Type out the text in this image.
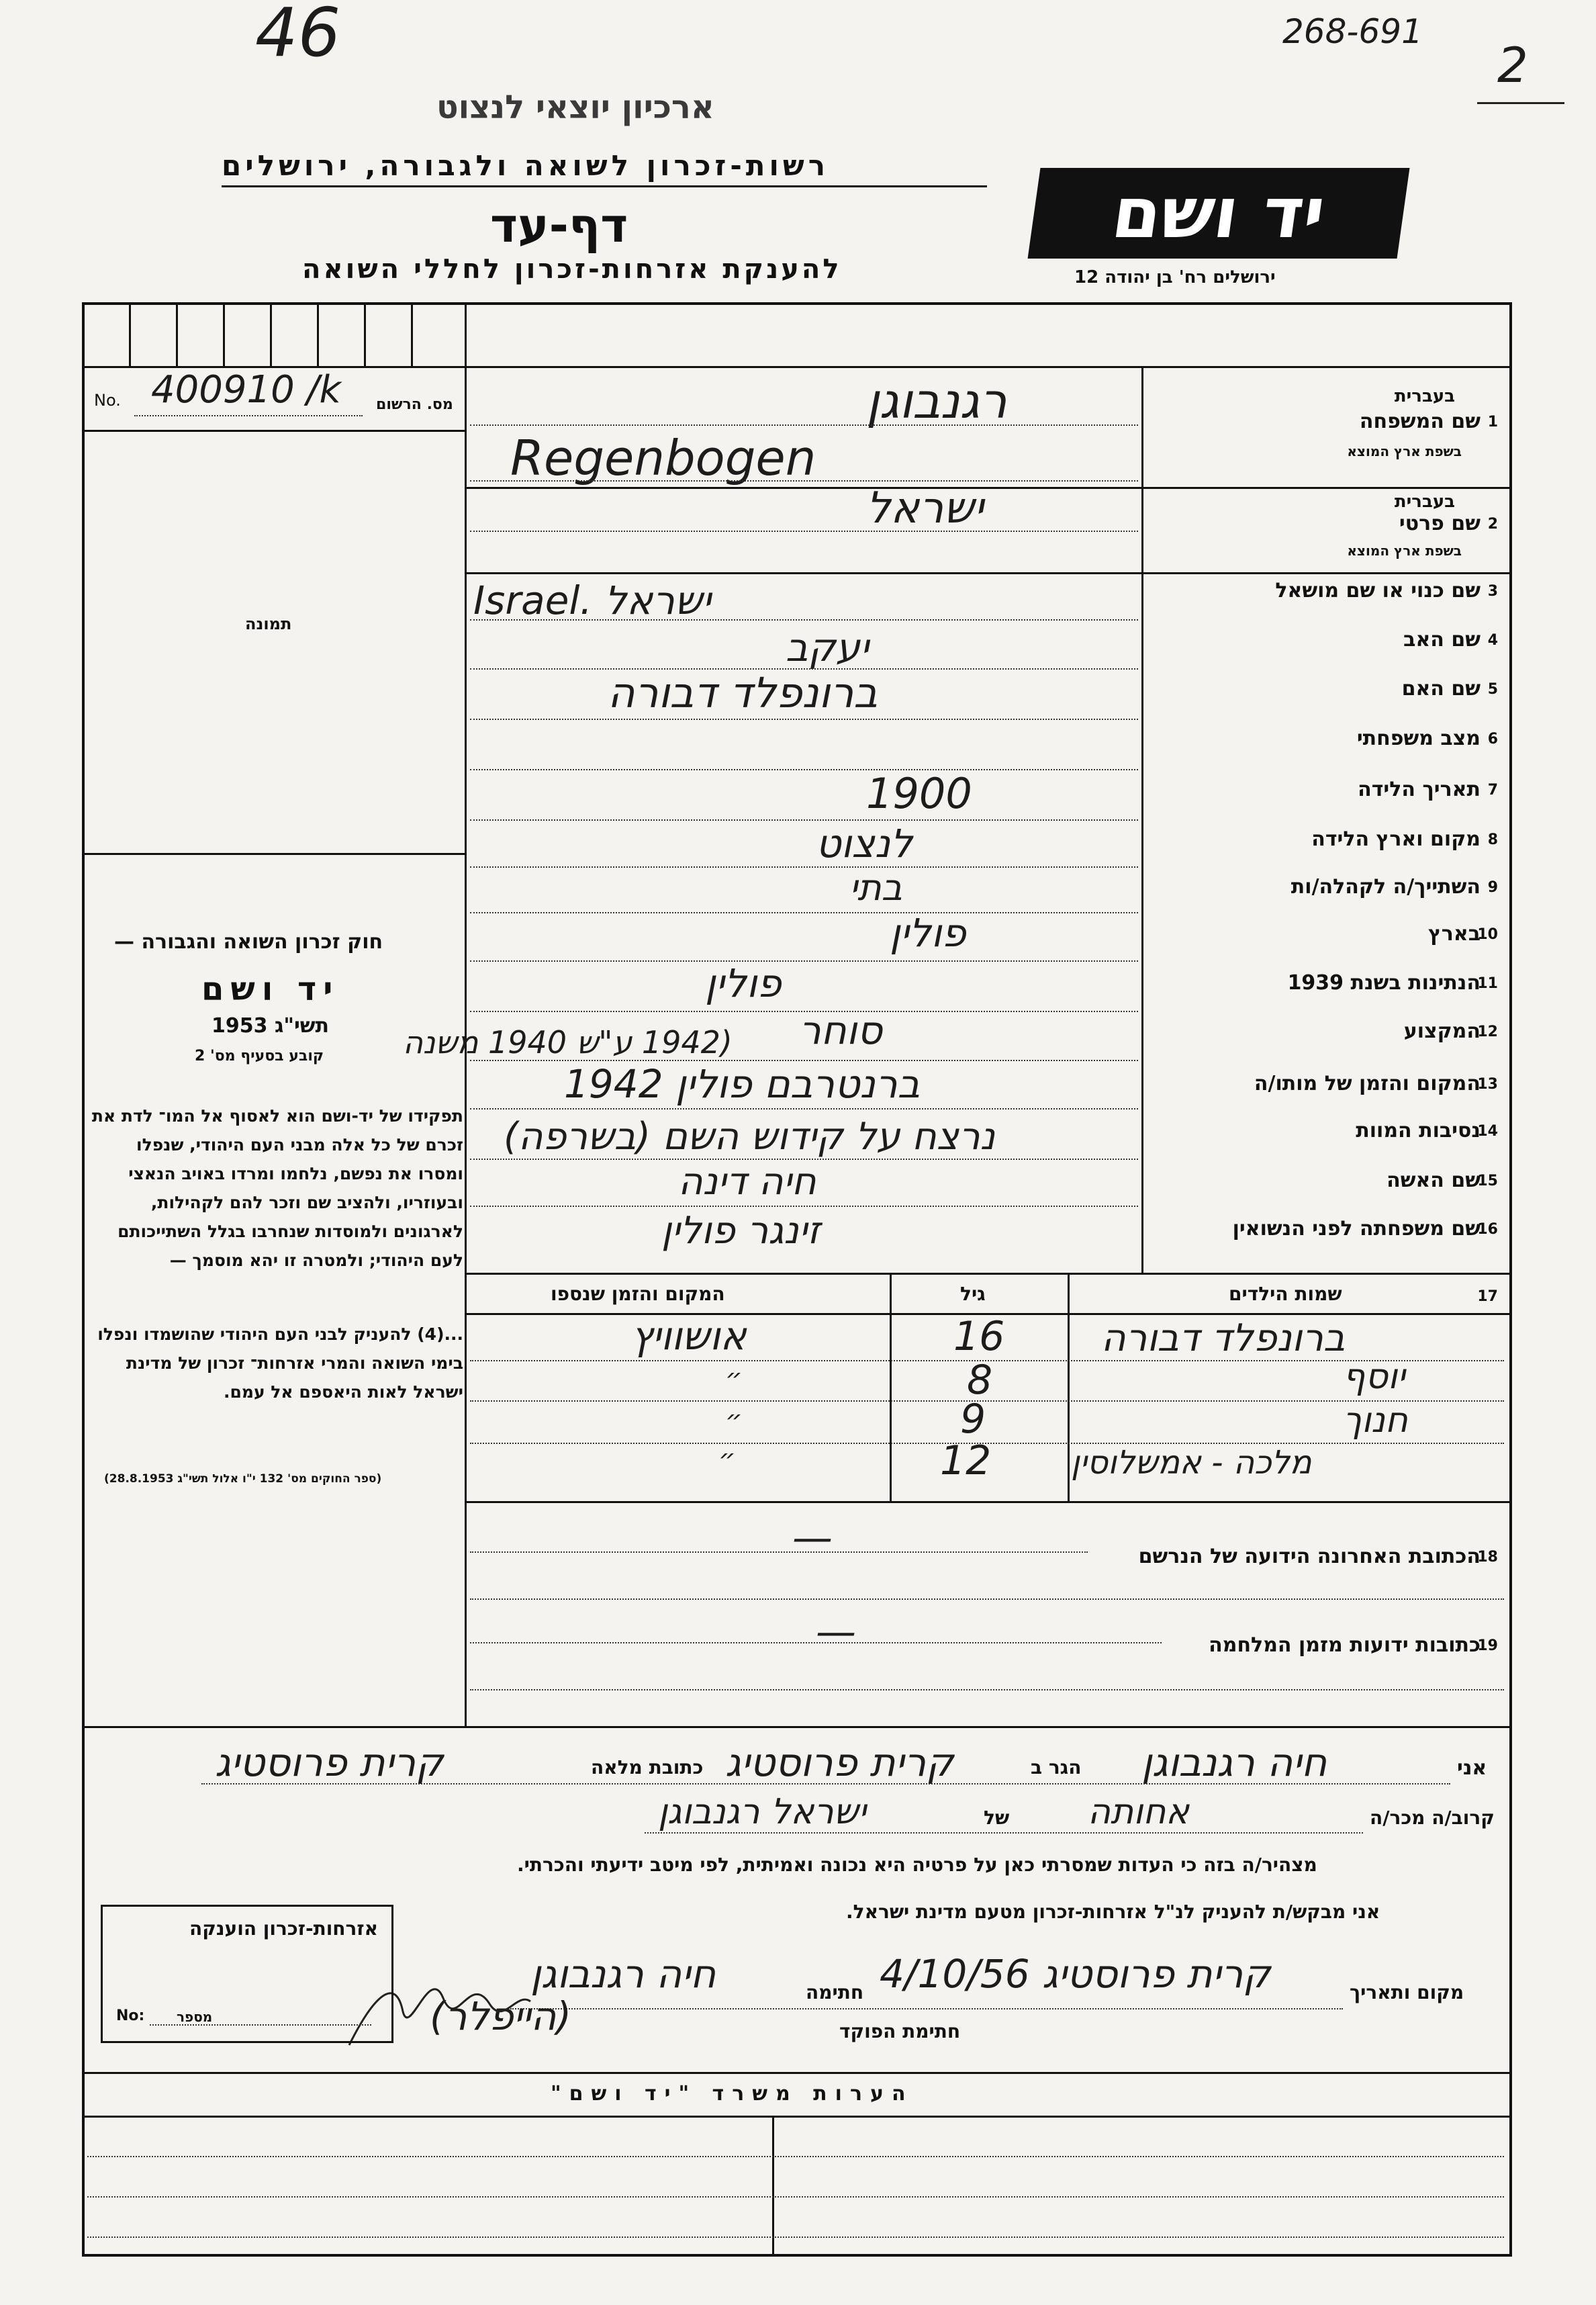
46	268-691
2
ארכיון יוצאי לנצוט
רשות-זכרון לשואה ולגבורה, ירושלים
דף-עד
להענקת אזרחות-זכרון לחללי השואה
יד ושם
ירושלים רח' בן יהודה 12
No. 400910 /k מס. הרשום
תמונה
חוק זכרון השואה והגבורה —
יד ושם
תשי"ג 1953
קובע בסעיף מס' 2
תפקידו של יד-ושם הוא לאסוף אל המו־ לדת את זכרם של כל אלה מבני העם היהודי, שנפלו ומסרו את נפשם, נלחמו ומרדו באויב הנאצי ובעוזריו, ולהציב שם וזכר להם לקהילות, לארגונים ולמוסדות שנחרבו בגלל השתייכותם לעם היהודי; ולמטרה זו יהא מוסמך —
...(4) להעניק לבני העם היהודי שהושמדו ונפלו בימי השואה והמרי אזרחות־ זכרון של מדינת ישראל לאות היאספם אל עמם.
(ספר החוקים מס' 132 י"ו אלול תשי"ג 28.8.1953)
בעברית
שם המשפחה 1
בשפת ארץ המוצא
רגנבוגן
Regenbogen
בעברית
שם פרטי 2
בשפת ארץ המוצא
ישראל
שם כנוי או שם מושאל 3
Israel. ישראל
שם האב 4
יעקב
שם האם 5
ברונפלד דבורה
מצב משפחתי 6
תאריך הלידה 7
1900
מקום וארץ הלידה 8
לנצוט
השתייך/ה לקהלה/ות 9
בתי
בארץ
10
פולין
הנתינות בשנת 1939
11
פולין
המקצוע
12
סוחר
(1942 ע"ש 1940 משנה
המקום והזמן של מותו/ה
13
ברנטרבם פולין 1942
נסיבות המוות
14
נרצח על קידוש השם (בשרפה)
שם האשה
15
חיה דינה
שם משפחתה לפני הנשואין
16
זינגר פולין
המקום והזמן שנספו	גיל	שמות הילדים	17
אושוויץ	16	ברונפלד דבורה
״	8	יוסף
״	9	חנוך
״	12 מלכה - אמשלוסין
—	הכתובת האחרונה הידועה של הנרשם
18
—	כתובות ידועות מזמן המלחמה
19
אני
חיה רגנבוגן
הגר ב
קרית פרוסטיג
כתובת מלאה
קרית פרוסטיג
קרוב/ה מכר/ה
אחותה
של
ישראל רגנבוגן
מצהיר/ה בזה כי העדות שמסרתי כאן על פרטיה היא נכונה ואמיתית, לפי מיטב ידיעתי והכרתי.
אני מבקש/ת להעניק לנ"ל אזרחות-זכרון מטעם מדינת ישראל.
מקום ותאריך
קרית פרוסטיג 4/10/56
חתימה
חיה רגנבוגן
חתימת הפוקד
(הייפלר)
אזרחות-זכרון הוענקה
No: מספר
הערות משרד "יד ושם"
